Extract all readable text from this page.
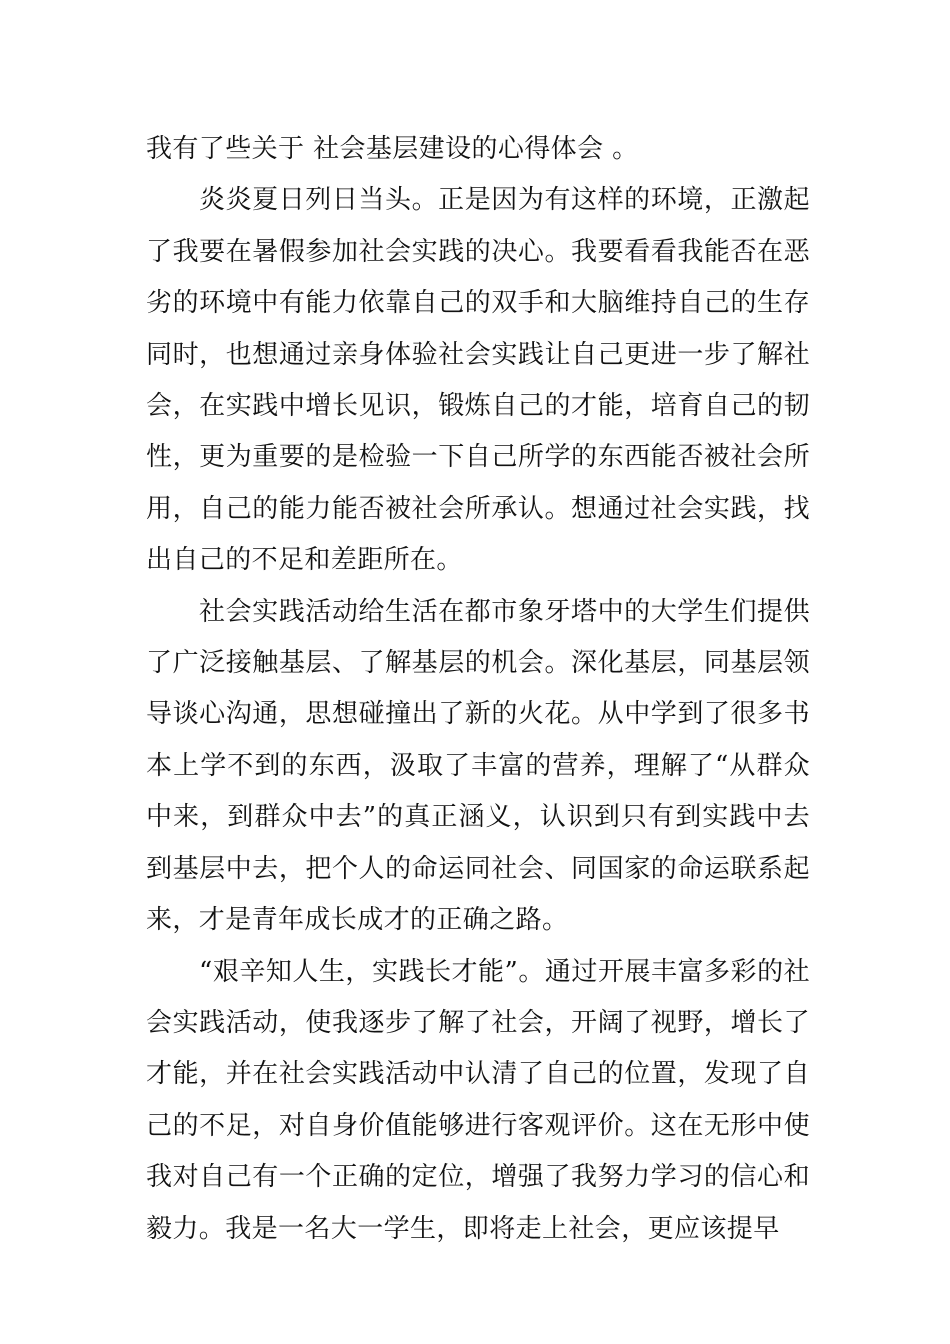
我有了些关于 社会基层建设的心得体会 。

炎炎夏日列日当头。正是因为有这样的环境，正激起了我要在暑假参加社会实践的决心。我要看看我能否在恶劣的环境中有能力依靠自己的双手和大脑维持自己的生存同时，也想通过亲身体验社会实践让自己更进一步了解社会，在实践中增长见识，锻炼自己的才能，培育自己的韧性，更为重要的是检验一下自己所学的东西能否被社会所用，自己的能力能否被社会所承认。想通过社会实践，找出自己的不足和差距所在。

社会实践活动给生活在都市象牙塔中的大学生们提供了广泛接触基层、了解基层的机会。深化基层，同基层领导谈心沟通，思想碰撞出了新的火花。从中学到了很多书本上学不到的东西，汲取了丰富的营养，理解了“从群众中来，到群众中去”的真正涵义，认识到只有到实践中去到基层中去，把个人的命运同社会、同国家的命运联系起来，才是青年成长成才的正确之路。

“艰辛知人生，实践长才能”。通过开展丰富多彩的社会实践活动，使我逐步了解了社会，开阔了视野，增长了才能，并在社会实践活动中认清了自己的位置，发现了自己的不足，对自身价值能够进行客观评价。这在无形中使我对自己有一个正确的定位，增强了我努力学习的信心和毅力。我是一名大一学生，即将走上社会，更应该提早
